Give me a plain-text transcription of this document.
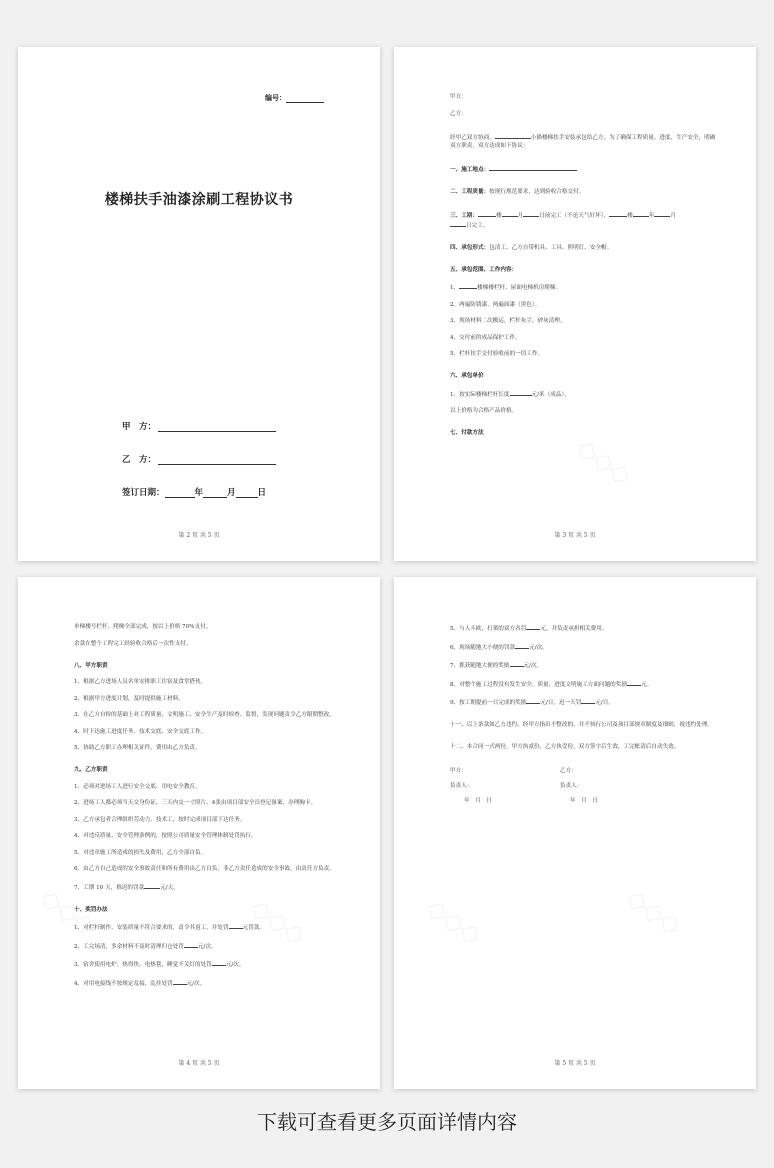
编号：
楼梯扶手油漆涂刷工程协议书
甲　方：
乙　方：
签订日期：	年	月	日
第 2 页 共 5 页

甲方：

乙方：

经甲乙双方协商，	小描楼梯扶手安装承包给乙方，为了确保工程质量、进度、生产安全，明确双方职责，双方达成如下协议：

一、施工地点：

二、工程质量：按现行规范要求，达到验收合格交付。

三、工期：	楼	月	日前完工（不论天气好坏），	楼	年	月
日完工。

四、承包形式：包清工、乙方自带机具、工具、照明灯、安全帽。

五、承包范围、工作内容：

1、	楼梯楼栏杆、屋面电梯机房爬梯。

2、两遍防锈漆、两遍面漆（黑色）。

3、现场材料二次搬运，栏杆灰尘、砂灰清理。

4、交付前的成品保护工作。

5、栏杆扶手交付验收前的一切工作。

六、承包单价

1、按实际楼梯栏杆长度	元/米（成品）。

以上价格为合格产品价格。

七、付款方法

第 3 页 共 5 页

单梯楼号栏杆、爬梯全部完成，按以上价格 70%支付。

余款在整个工程完工经验收合格后一次性支付。

八、甲方职责

1、根据乙方进场人员名单安排职工住宿及食堂搭伙。

2、根据甲方进度计划，及时提供施工材料。

3、在乙方自检的基础上对工程质量、文明施工、安全生产及时检查、监督，发现问题责令乙方限期整改。

4、时下达施工进度任务、技术交底、安全交底工作。

5、协助乙方职工办理相关证件，费用由乙方负责。

九、乙方职责

1、必须对进场工人进行安全交底、用电安全教育。

2、进场工人都必须当天交身份证，三天内交一寸照片、4张由项目部安全员登记备案，办理胸卡。

3、乙方承包者合理组织劳动力、技术工，按时完成项目部下达任务。

4、对违反质量、安全管理条例的，按照公司质量安全管理体制处罚执行。

5、对违章施工所造成的损失及费用，乙方全部自负。

6、由乙方自己造成的安全事故责任和所有费用由乙方自负，非乙方责任造成的安全事故，由责任方负责。

7、工期 10 天，推迟的罚款	元/天。

十、奖罚办法

1、对栏杆制作、安装质量不符合要求的，责令其返工，并处罚	元罚款。

2、工完场清，多余材料不及时清理归仓处罚	元/次。

3、宿舍使用电炉、热得快、电热毯，睡觉不关灯的处罚	元/次。

4、对用电接线不按规定乱接、乱挂处罚	元/次。

第 4 页 共 5 页

5、与人斗欧，打架的双方各罚	元，并负责承担相关费用。

6、现场随地大小便的罚款	元/次。

7、抓获随地大便的奖励	元/次。

8、对整个施工过程没有发生安全、质量、进度文明施工方面问题的奖励	元。

9、按工期提前一日完成的奖励	元/日，迟一天罚	元/日。

十一、以上条款如乙方违约，经甲方指出不整改的，并不执行公司及项目部规章制度及细则，视违约处理。

十二、本合同一式两份，甲方执贰份，乙方执壹份，双方签字后生效，工完帐清后自动失效。

甲方：	乙方：
负责人：	负责人：
年　月　日	年　月　日
第 5 页 共 5 页
下载可查看更多页面详情内容
